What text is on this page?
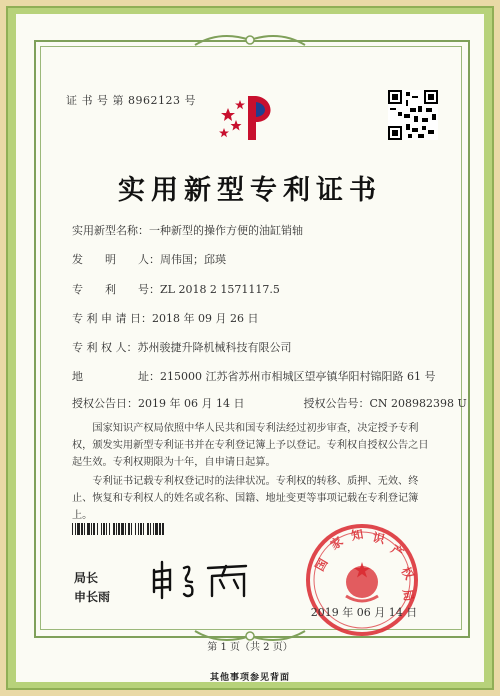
证 书 号 第 8962123 号
实用新型专利证书
实用新型名称：一种新型的操作方便的油缸销轴
发　　明　　人：周伟国；邱瑛
专　　利　　号：ZL 2018 2 1571117.5
专 利 申 请 日：2018 年 09 月 26 日
专 利 权 人：苏州骏捷升降机械科技有限公司
地　　　　　址：215000 江苏省苏州市相城区望亭镇华阳村锦阳路 61 号
授权公告日：2019 年 06 月 14 日	授权公告号：CN 208982398 U
国家知识产权局依照中华人民共和国专利法经过初步审查，决定授予专利权，颁发实用新型专利证书并在专利登记簿上予以登记。专利权自授权公告之日起生效。专利权期限为十年，自申请日起算。
专利证书记载专利权登记时的法律状况。专利权的转移、质押、无效、终止、恢复和专利权人的姓名或名称、国籍、地址变更等事项记载在专利登记簿上。
局长
申长雨
国
家 知 识
产
权
局
2019 年 06 月 14 日
第 1 页（共 2 页）
其他事项参见背面
